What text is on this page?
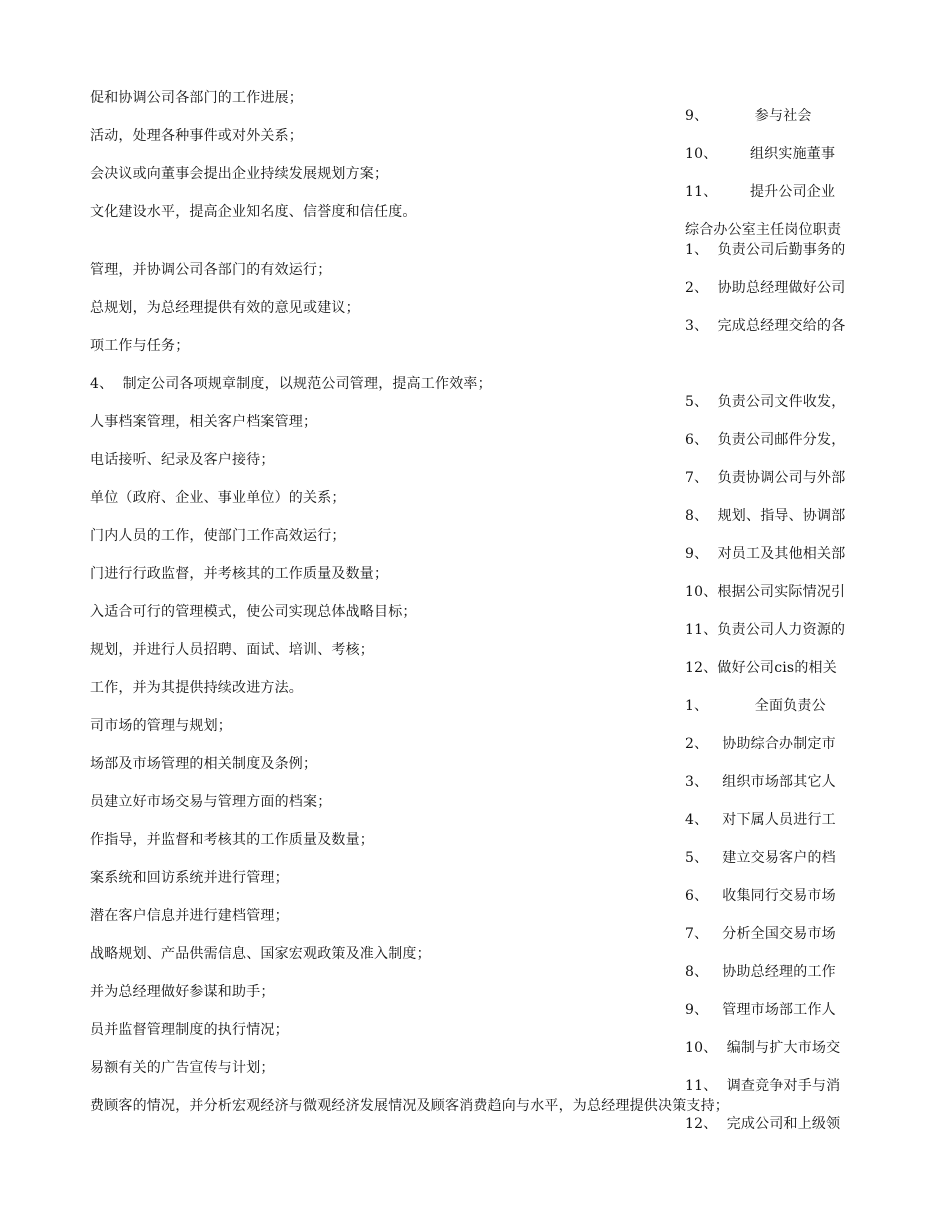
促和协调公司各部门的工作进展；
活动，处理各种事件或对外关系；
会决议或向董事会提出企业持续发展规划方案；
文化建设水平，提高企业知名度、信誉度和信任度。
管理，并协调公司各部门的有效运行；
总规划，为总经理提供有效的意见或建议；
项工作与任务；
4、  制定公司各项规章制度，以规范公司管理，提高工作效率；
人事档案管理，相关客户档案管理；
电话接听、纪录及客户接待；
单位（政府、企业、事业单位）的关系；
门内人员的工作，使部门工作高效运行；
门进行行政监督，并考核其的工作质量及数量；
入适合可行的管理模式，使公司实现总体战略目标；
规划，并进行人员招聘、面试、培训、考核；
工作，并为其提供持续改进方法。
司市场的管理与规划；
场部及市场管理的相关制度及条例；
员建立好市场交易与管理方面的档案；
作指导，并监督和考核其的工作质量及数量；
案系统和回访系统并进行管理；
潜在客户信息并进行建档管理；
战略规划、产品供需信息、国家宏观政策及准入制度；
并为总经理做好参谋和助手；
员并监督管理制度的执行情况；
易额有关的广告宣传与计划；
费顾客的情况，并分析宏观经济与微观经济发展情况及顾客消费趋向与水平，为总经理提供决策支持；
9、          参与社会
10、       组织实施董事
11、       提升公司企业
综合办公室主任岗位职责
1、  负责公司后勤事务的
2、  协助总经理做好公司
3、  完成总经理交给的各
5、  负责公司文件收发，
6、  负责公司邮件分发，
7、  负责协调公司与外部
8、  规划、指导、协调部
9、  对员工及其他相关部
10、根据公司实际情况引
11、负责公司人力资源的
12、做好公司cis的相关
1、          全面负责公
2、   协助综合办制定市
3、   组织市场部其它人
4、   对下属人员进行工
5、   建立交易客户的档
6、   收集同行交易市场
7、   分析全国交易市场
8、   协助总经理的工作
9、   管理市场部工作人
10、  编制与扩大市场交
11、  调查竞争对手与消
12、  完成公司和上级领
